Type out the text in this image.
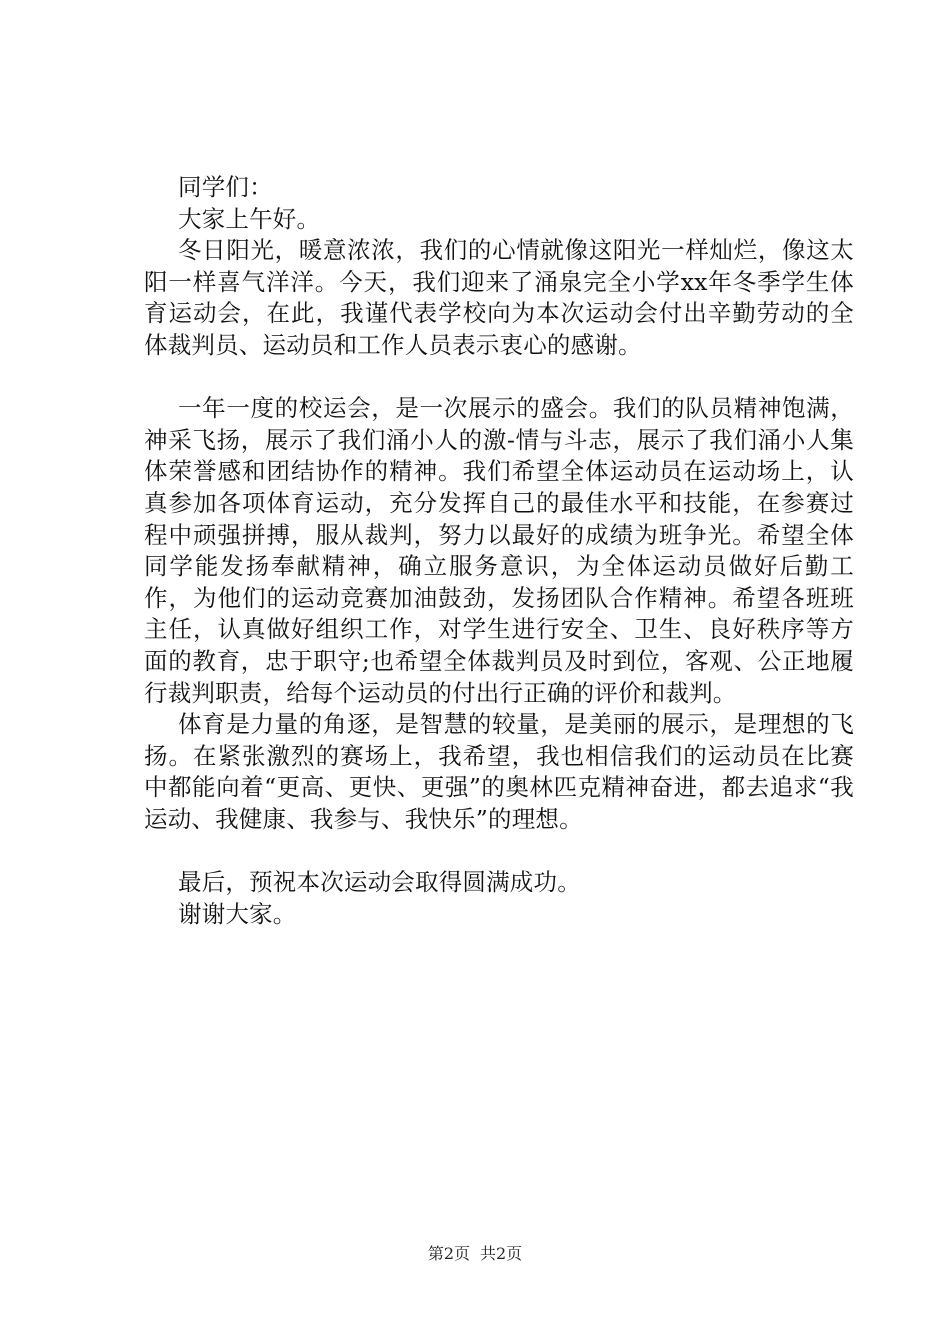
同学们：

大家上午好。

冬日阳光，暖意浓浓，我们的心情就像这阳光一样灿烂，像这太阳一样喜气洋洋。今天，我们迎来了涌泉完全小学xx年冬季学生体育运动会，在此，我谨代表学校向为本次运动会付出辛勤劳动的全体裁判员、运动员和工作人员表示衷心的感谢。

一年一度的校运会，是一次展示的盛会。我们的队员精神饱满，神采飞扬，展示了我们涌小人的激-情与斗志，展示了我们涌小人集体荣誉感和团结协作的精神。我们希望全体运动员在运动场上，认真参加各项体育运动，充分发挥自己的最佳水平和技能，在参赛过程中顽强拼搏，服从裁判，努力以最好的成绩为班争光。希望全体同学能发扬奉献精神，确立服务意识，为全体运动员做好后勤工作，为他们的运动竞赛加油鼓劲，发扬团队合作精神。希望各班班主任，认真做好组织工作，对学生进行安全、卫生、良好秩序等方面的教育，忠于职守;也希望全体裁判员及时到位，客观、公正地履行裁判职责，给每个运动员的付出行正确的评价和裁判。

体育是力量的角逐，是智慧的较量，是美丽的展示，是理想的飞扬。在紧张激烈的赛场上，我希望，我也相信我们的运动员在比赛中都能向着“更高、更快、更强”的奥林匹克精神奋进，都去追求“我运动、我健康、我参与、我快乐”的理想。

最后，预祝本次运动会取得圆满成功。

谢谢大家。

第2页 共2页
